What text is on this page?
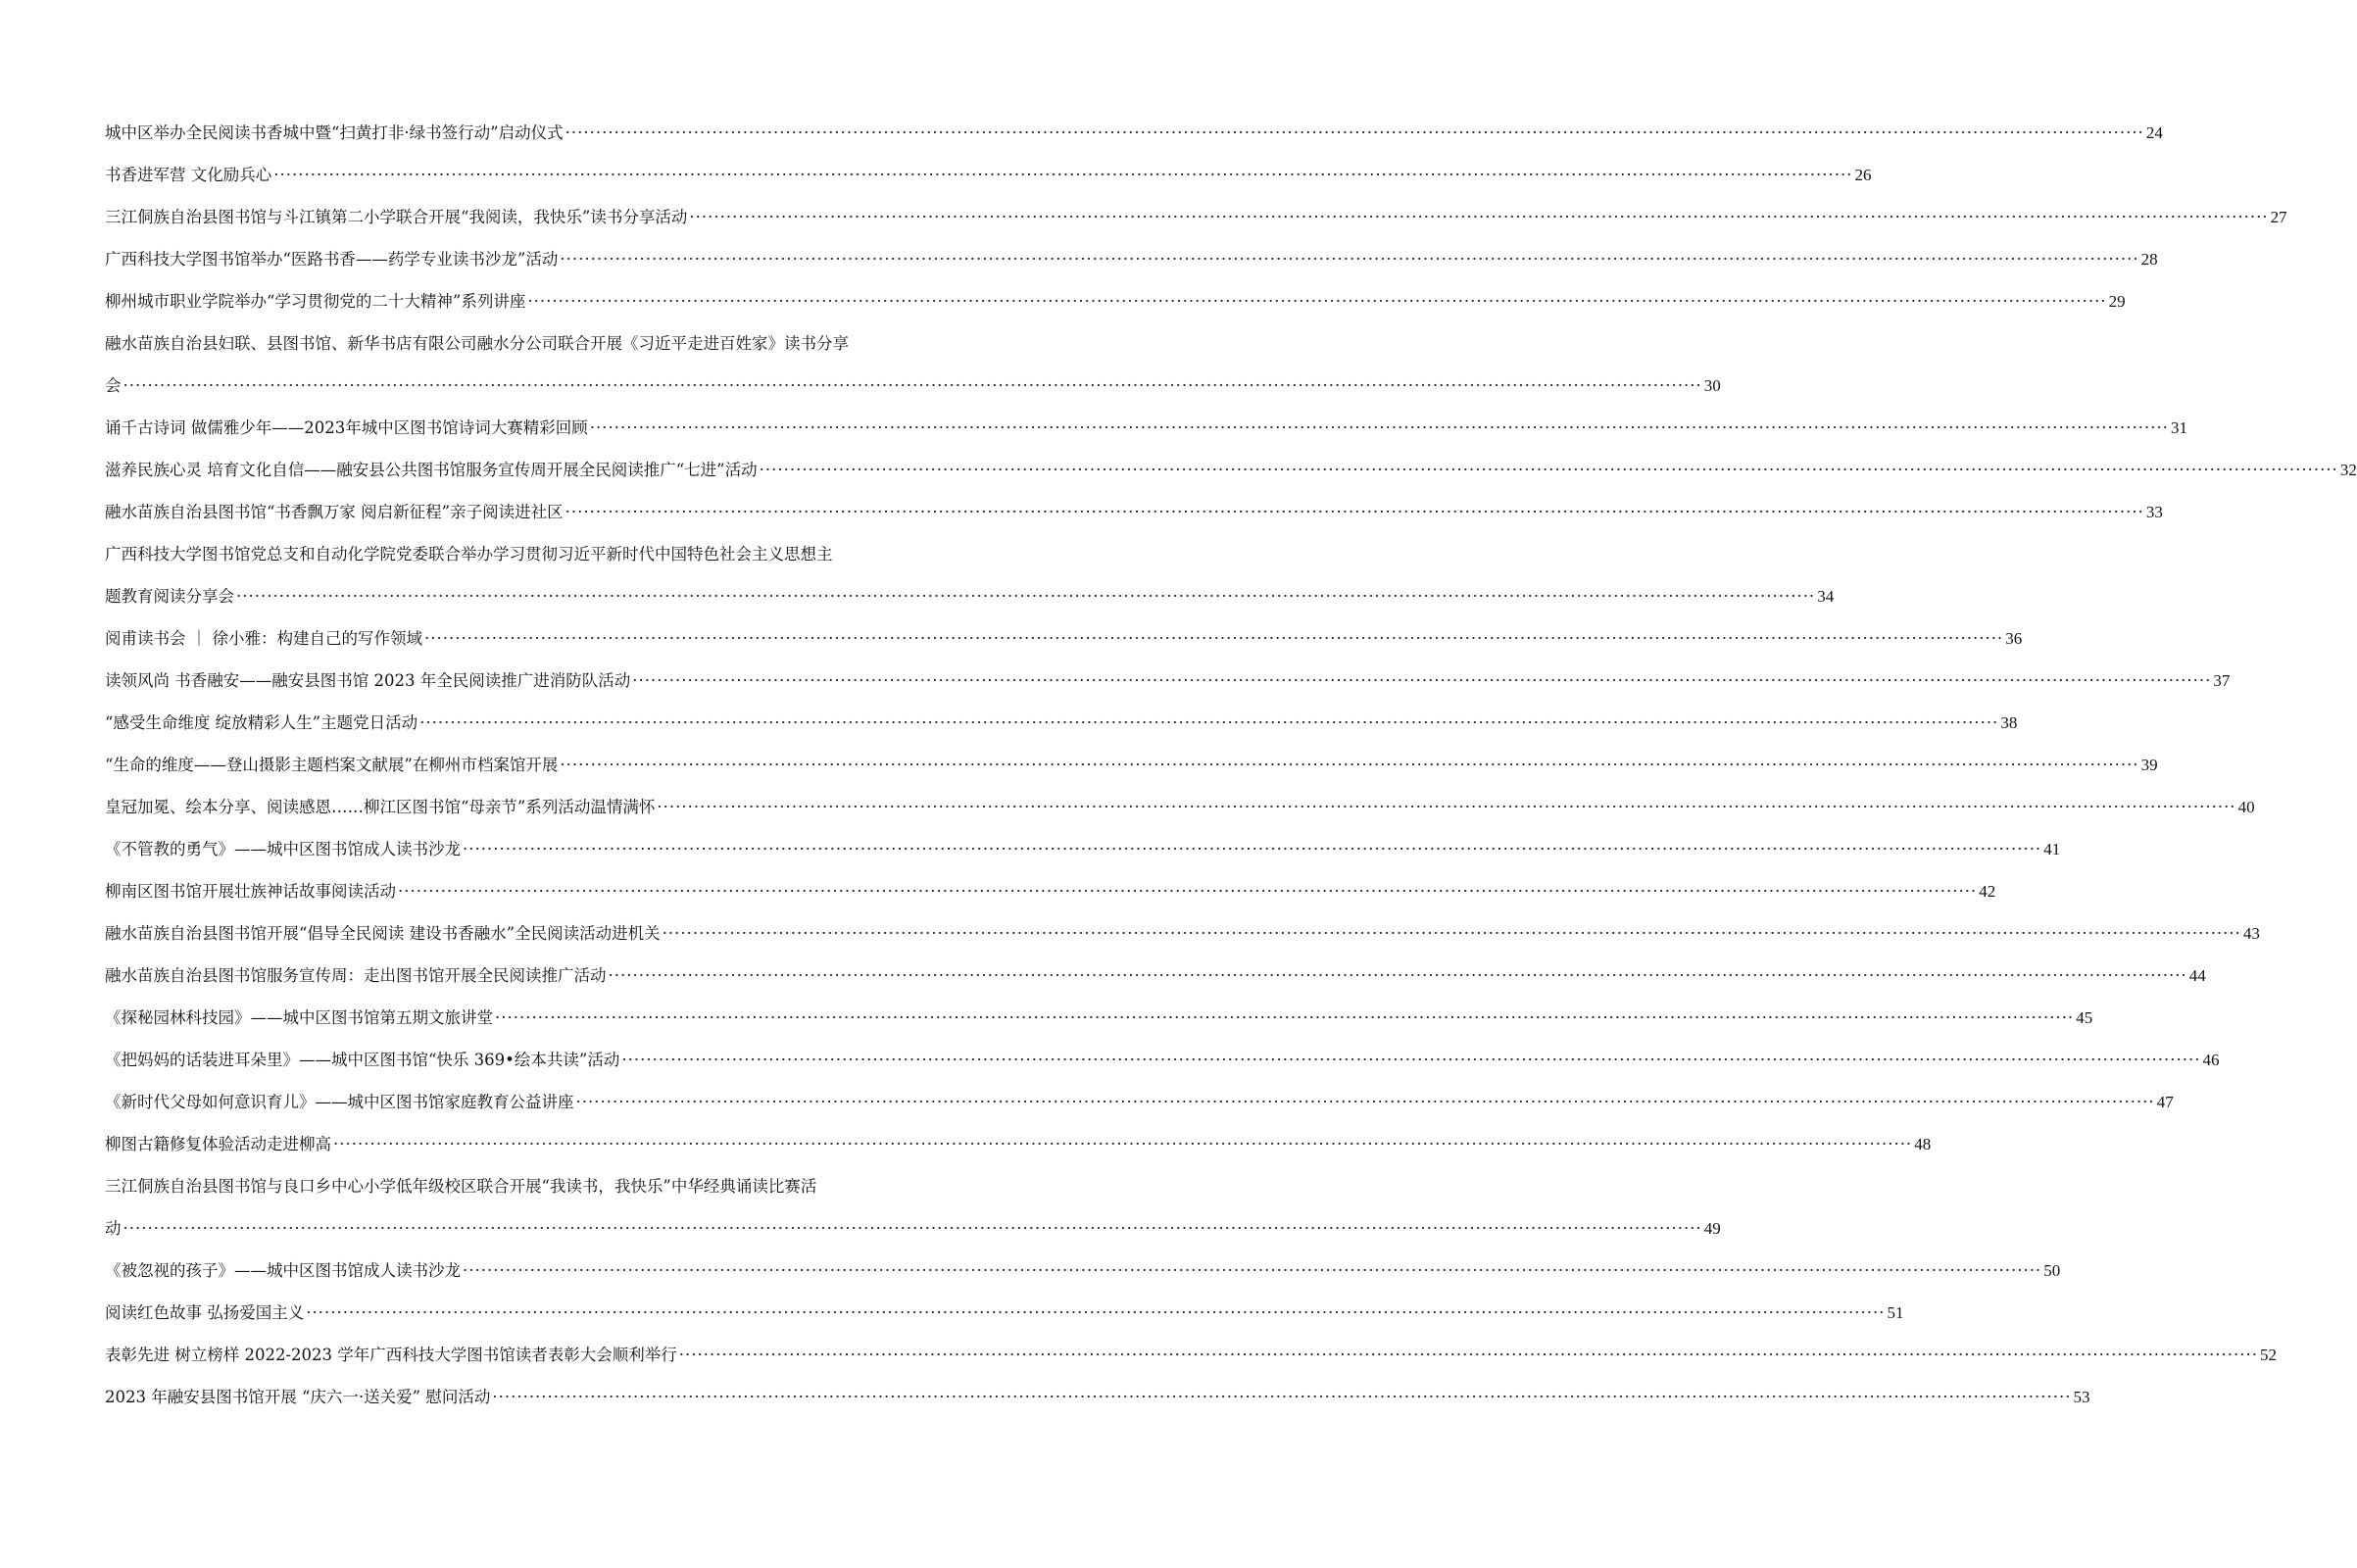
城中区举办全民阅读书香城中暨“扫黄打非·绿书签行动”启动仪式 ·····	24
书香进军营 文化励兵心 ·····	26
三江侗族自治县图书馆与斗江镇第二小学联合开展“我阅读，我快乐”读书分享活动 ·····	27
广西科技大学图书馆举办“医路书香——药学专业读书沙龙”活动 ·····	28
柳州城市职业学院举办“学习贯彻党的二十大精神”系列讲座 ·····	29
融水苗族自治县妇联、县图书馆、新华书店有限公司融水分公司联合开展《习近平走进百姓家》读书分享
会 ·····	30
诵千古诗词 做儒雅少年——2023年城中区图书馆诗词大赛精彩回顾 ·····	31
滋养民族心灵 培育文化自信——融安县公共图书馆服务宣传周开展全民阅读推广“七进”活动 ·····	32
融水苗族自治县图书馆“书香飘万家 阅启新征程”亲子阅读进社区 ·····	33
广西科技大学图书馆党总支和自动化学院党委联合举办学习贯彻习近平新时代中国特色社会主义思想主
题教育阅读分享会 ·····	34
阅甫读书会 ｜ 徐小雅：构建自己的写作领域 ·····	36
读领风尚 书香融安——融安县图书馆 2023 年全民阅读推广进消防队活动 ·····	37
“感受生命维度 绽放精彩人生”主题党日活动 ·····	38
“生命的维度——登山摄影主题档案文献展”在柳州市档案馆开展 ·····	39
皇冠加冕、绘本分享、阅读感恩……柳江区图书馆“母亲节”系列活动温情满怀 ·····	40
《不管教的勇气》——城中区图书馆成人读书沙龙 ·····	41
柳南区图书馆开展壮族神话故事阅读活动 ·····	42
融水苗族自治县图书馆开展“倡导全民阅读 建设书香融水”全民阅读活动进机关 ·····	43
融水苗族自治县图书馆服务宣传周：走出图书馆开展全民阅读推广活动 ·····	44
《探秘园林科技园》——城中区图书馆第五期文旅讲堂 ·····	45
《把妈妈的话装进耳朵里》——城中区图书馆“快乐 369•绘本共读”活动 ·····	46
《新时代父母如何意识育儿》——城中区图书馆家庭教育公益讲座 ·····	47
柳图古籍修复体验活动走进柳高 ·····	48
三江侗族自治县图书馆与良口乡中心小学低年级校区联合开展“我读书，我快乐”中华经典诵读比赛活
动 ·····	49
《被忽视的孩子》——城中区图书馆成人读书沙龙 ·····	50
阅读红色故事 弘扬爱国主义 ·····	51
表彰先进 树立榜样 2022-2023 学年广西科技大学图书馆读者表彰大会顺利举行 ·····	52
2023 年融安县图书馆开展 “庆六一·送关爱” 慰问活动 ·····	53
